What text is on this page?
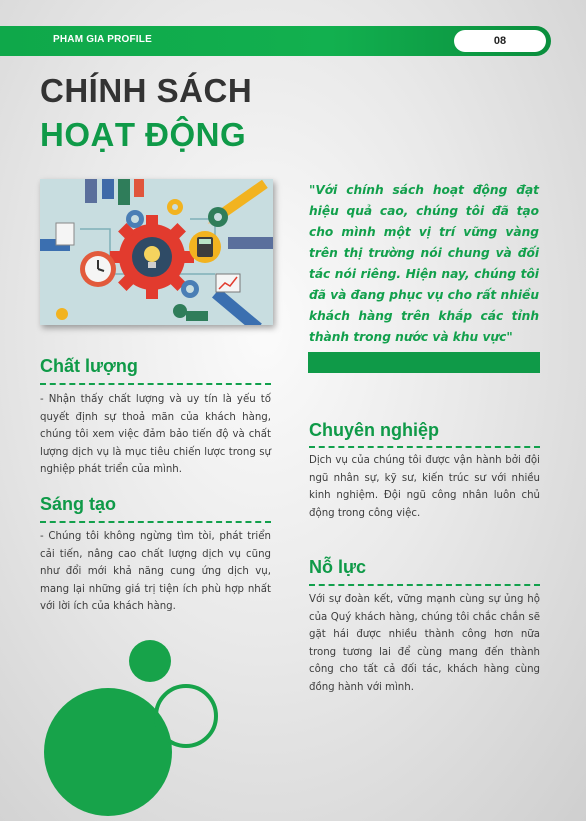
PHAM GIA PROFILE	08
CHÍNH SÁCH
HOẠT ĐỘNG
"Với chính sách hoạt động đạt hiệu quả cao, chúng tôi đã tạo cho mình một vị trí vững vàng trên thị trường nói chung và đối tác nói riêng. Hiện nay, chúng tôi đã và đang phục vụ cho rất nhiều khách hàng trên khắp các tỉnh thành trong nước và khu vực"
Chất lượng
- Nhận thấy chất lượng và uy tín là yếu tố quyết định sự thoả mãn của khách hàng, chúng tôi xem việc đảm bảo tiến độ và chất lượng dịch vụ là mục tiêu chiến lược trong sự nghiệp phát triển của mình.
Sáng tạo
- Chúng tôi không ngừng tìm tòi, phát triển cải tiến, nâng cao chất lượng dịch vụ cũng như đổi mới khả năng cung ứng dịch vụ, mang lại những giá trị tiện ích phù hợp nhất với lời ích của khách hàng.
Chuyên nghiệp
Dịch vụ của chúng tôi được vận hành bởi đội ngũ nhân sự, kỹ sư, kiến trúc sư với nhiều kinh nghiệm. Đội ngũ công nhân luôn chủ động trong công việc.
Nỗ lực
Với sự đoàn kết, vững mạnh cùng sự ủng hộ của Quý khách hàng, chúng tôi chắc chắn sẽ gặt hái được nhiều thành công hơn nữa trong tương lai để cùng mang đến thành công cho tất cả đối tác, khách hàng cùng đồng hành với mình.
